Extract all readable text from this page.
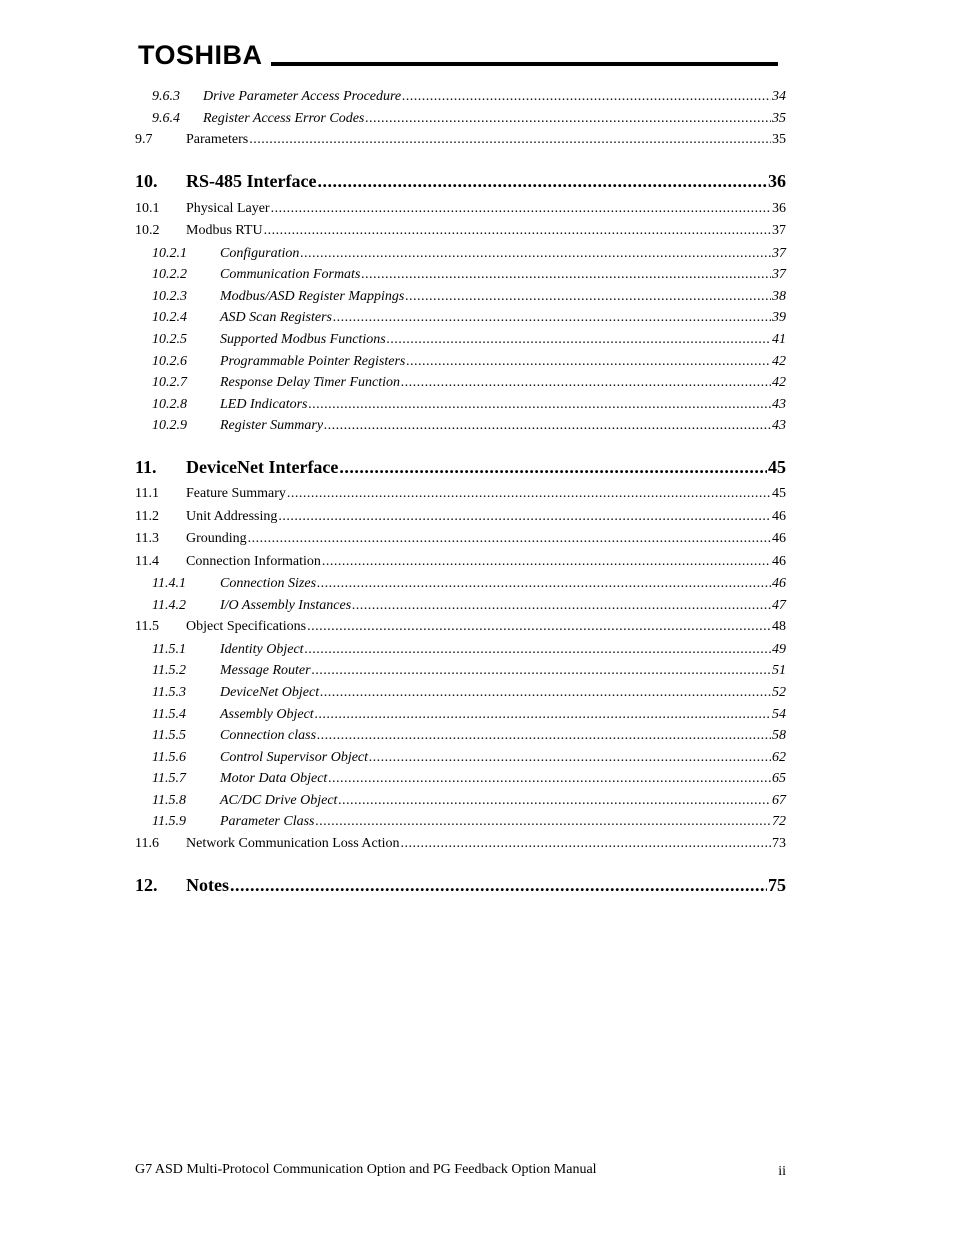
TOSHIBA
9.6.3	Drive Parameter Access Procedure .....	34
9.6.4	Register Access Error Codes .....	35
9.7	Parameters .....	35
10.	RS-485 Interface .....	36
10.1	Physical Layer .....	36
10.2	Modbus RTU .....	37
10.2.1	Configuration .....	37
10.2.2	Communication Formats .....	37
10.2.3	Modbus/ASD Register Mappings .....	38
10.2.4	ASD Scan Registers .....	39
10.2.5	Supported Modbus Functions .....	41
10.2.6	Programmable Pointer Registers .....	42
10.2.7	Response Delay Timer Function .....	42
10.2.8	LED Indicators .....	43
10.2.9	Register Summary .....	43
11.	DeviceNet Interface .....	45
11.1	Feature Summary .....	45
11.2	Unit Addressing .....	46
11.3	Grounding .....	46
11.4	Connection Information .....	46
11.4.1	Connection Sizes .....	46
11.4.2	I/O Assembly Instances .....	47
11.5	Object Specifications .....	48
11.5.1	Identity Object .....	49
11.5.2	Message Router .....	51
11.5.3	DeviceNet Object .....	52
11.5.4	Assembly Object .....	54
11.5.5	Connection class .....	58
11.5.6	Control Supervisor Object .....	62
11.5.7	Motor Data Object .....	65
11.5.8	AC/DC Drive Object .....	67
11.5.9	Parameter Class .....	72
11.6	Network Communication Loss Action .....	73
12.	Notes .....	75
G7 ASD Multi-Protocol Communication Option and PG Feedback Option Manual	ii
